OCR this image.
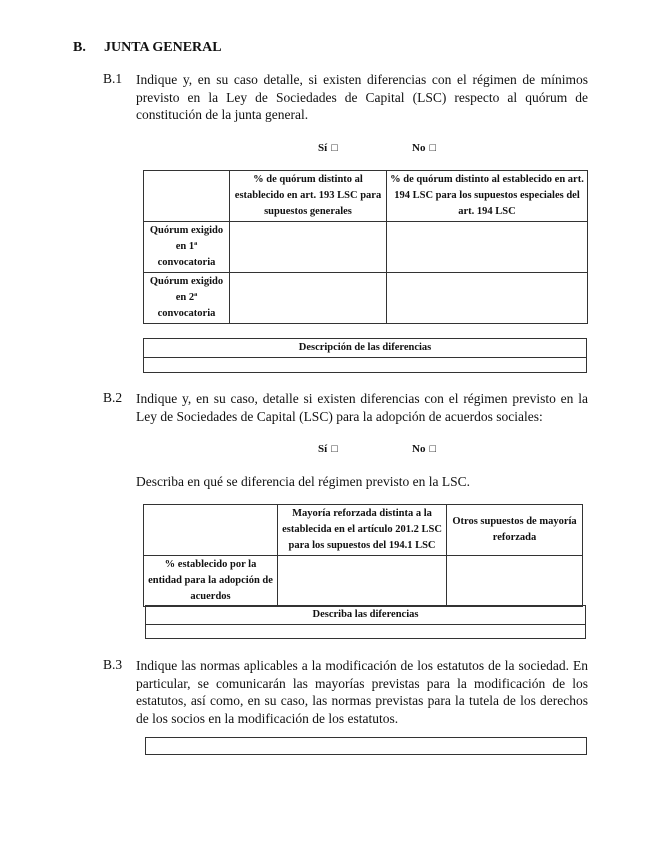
B. JUNTA GENERAL
B.1 Indique y, en su caso detalle, si existen diferencias con el régimen de mínimos previsto en la Ley de Sociedades de Capital (LSC) respecto al quórum de constitución de la junta general.
Sí □	No □
	% de quórum distinto al establecido en art. 193 LSC para supuestos generales	% de quórum distinto al establecido en art. 194 LSC para los supuestos especiales del art. 194 LSC
Quórum exigido en 1ª convocatoria		
Quórum exigido en 2ª convocatoria		
Descripción de las diferencias
B.2 Indique y, en su caso, detalle si existen diferencias con el régimen previsto en la Ley de Sociedades de Capital (LSC) para la adopción de acuerdos sociales:
Sí □	No □
Describa en qué se diferencia del régimen previsto en la LSC.
	Mayoría reforzada distinta a la establecida en el artículo 201.2 LSC para los supuestos del 194.1 LSC	Otros supuestos de mayoría reforzada
% establecido por la entidad para la adopción de acuerdos		
Describa las diferencias
B.3 Indique las normas aplicables a la modificación de los estatutos de la sociedad. En particular, se comunicarán las mayorías previstas para la modificación de los estatutos, así como, en su caso, las normas previstas para la tutela de los derechos de los socios en la modificación de los estatutos.
